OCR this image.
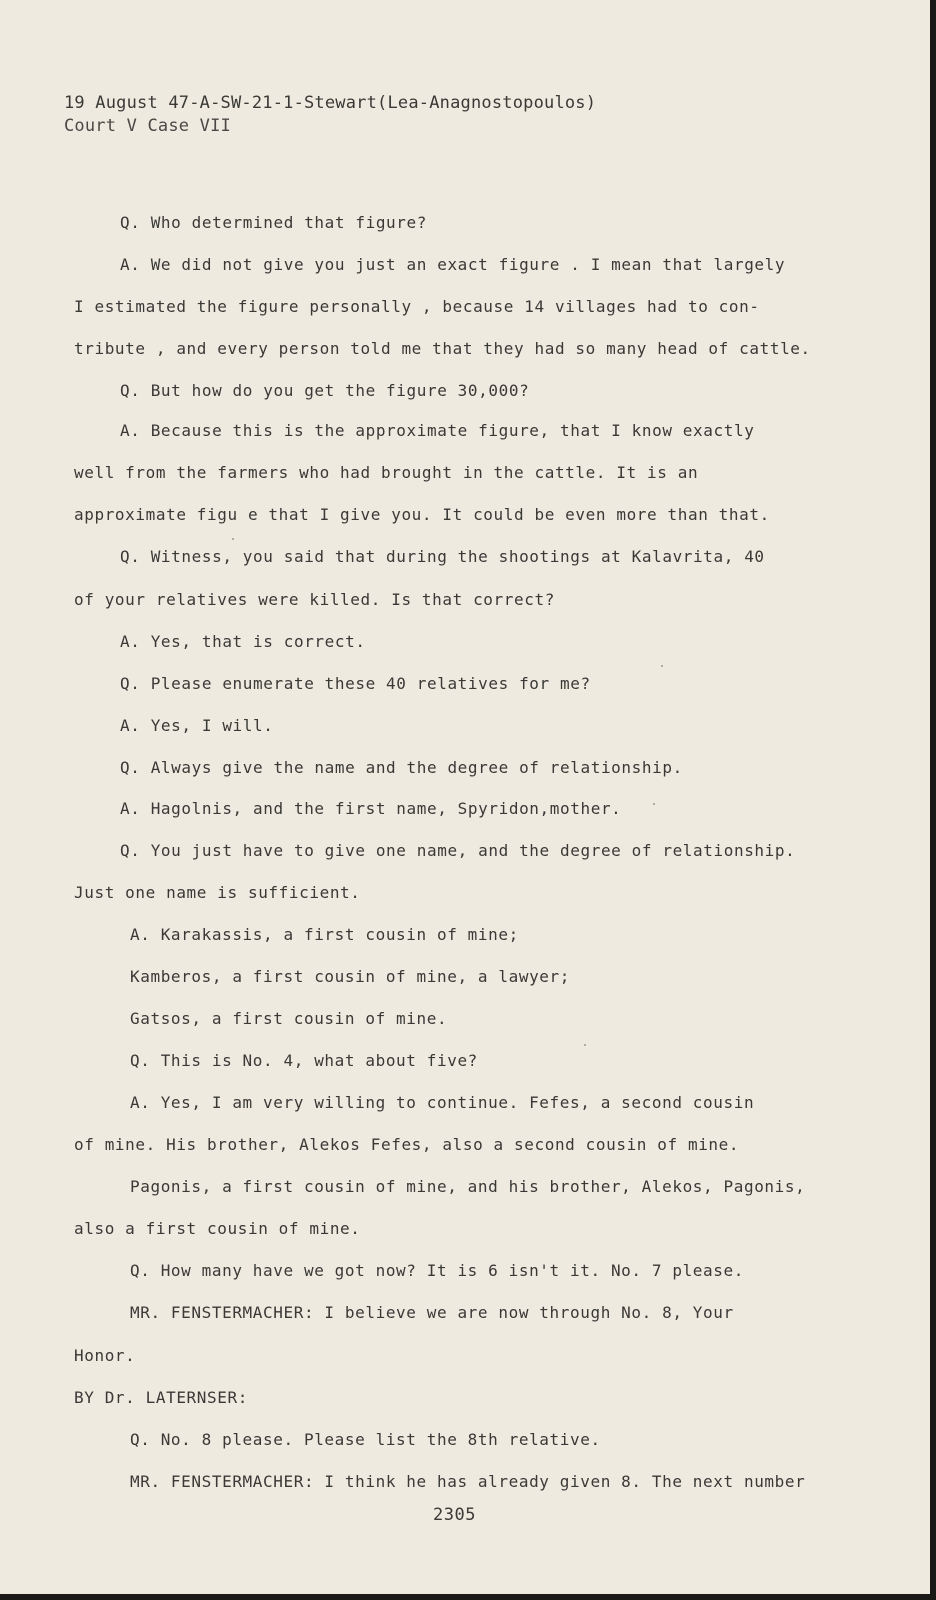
19 August 47-A-SW-21-1-Stewart(Lea-Anagnostopoulos)
Court V Case VII
Q. Who determined that figure?
A. We did not give you just an exact figure . I mean that largely
I estimated the figure personally , because 14 villages had to con-
tribute , and every person told me that they had so many head of cattle.
Q. But how do you get the figure 30,000?
A. Because this is the approximate figure, that I know exactly
well from the farmers who had brought in the cattle. It is an
approximate figu e that I give you. It could be even more than that.
Q. Witness, you said that during the shootings at Kalavrita, 40
of your relatives were killed. Is that correct?
A. Yes, that is correct.
Q. Please enumerate these 40 relatives for me?
A. Yes, I will.
Q. Always give the name and the degree of relationship.
A. Hagolnis, and the first name, Spyridon,mother.
Q. You just have to give one name, and the degree of relationship.
Just one name is sufficient.
A. Karakassis, a first cousin of mine;
Kamberos, a first cousin of mine, a lawyer;
Gatsos, a first cousin of mine.
Q. This is No. 4, what about five?
A. Yes, I am very willing to continue. Fefes, a second cousin
of mine. His brother, Alekos Fefes, also a second cousin of mine.
Pagonis, a first cousin of mine, and his brother, Alekos, Pagonis,
also a first cousin of mine.
Q. How many have we got now? It is 6 isn't it. No. 7 please.
MR. FENSTERMACHER: I believe we are now through No. 8, Your
Honor.
BY Dr. LATERNSER:
Q. No. 8 please. Please list the 8th relative.
MR. FENSTERMACHER: I think he has already given 8. The next number
2305
